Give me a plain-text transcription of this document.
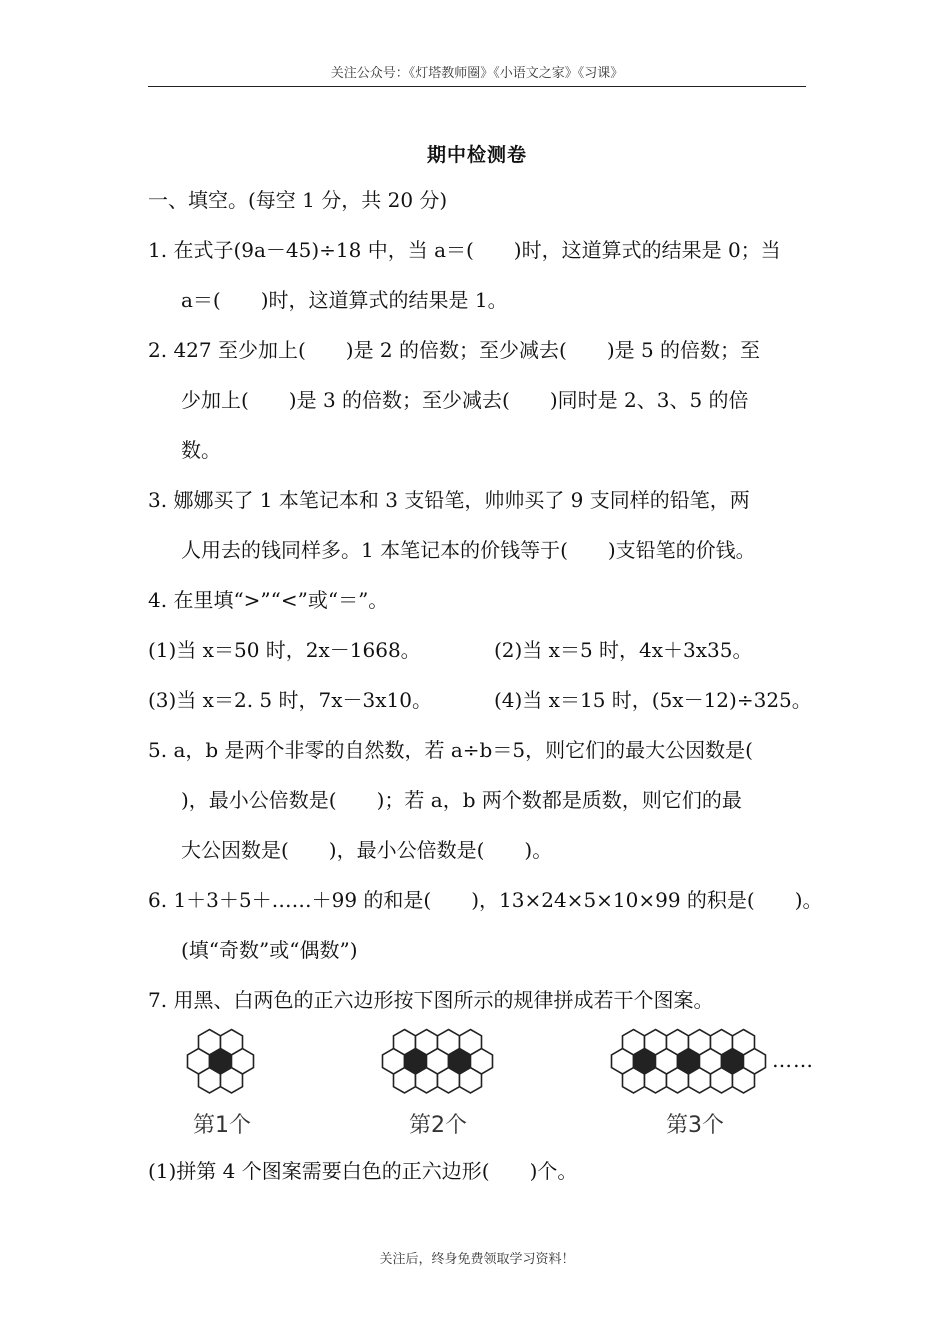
关注公众号：《灯塔教师圈》《小语文之家》《习课》
期中检测卷
一、填空。(每空 1 分，共 20 分)
1. 在式子(9a－45)÷18 中，当 a＝(　　)时，这道算式的结果是 0；当
a＝(　　)时，这道算式的结果是 1。
2. 427 至少加上(　　)是 2 的倍数；至少减去(　　)是 5 的倍数；至
少加上(　　)是 3 的倍数；至少减去(　　)同时是 2、3、5 的倍
数。
3. 娜娜买了 1 本笔记本和 3 支铅笔，帅帅买了 9 支同样的铅笔，两
人用去的钱同样多。1 本笔记本的价钱等于(　　)支铅笔的价钱。
4. 在里填“>”“<”或“＝”。
(1)当 x＝50 时，2x－1668。	(2)当 x＝5 时，4x＋3x35。
(3)当 x＝2. 5 时，7x－3x10。	(4)当 x＝15 时，(5x－12)÷325。
5. a，b 是两个非零的自然数，若 a÷b＝5，则它们的最大公因数是(
)，最小公倍数是(　　)；若 a，b 两个数都是质数，则它们的最
大公因数是(　　)，最小公倍数是(　　)。
6. 1＋3＋5＋……＋99 的和是(　　)，13×24×5×10×99 的积是(　　)。
(填“奇数”或“偶数”)
7. 用黑、白两色的正六边形按下图所示的规律拼成若干个图案。
……
第1个	第2个	第3个
(1)拼第 4 个图案需要白色的正六边形(　　)个。
关注后，终身免费领取学习资料！
